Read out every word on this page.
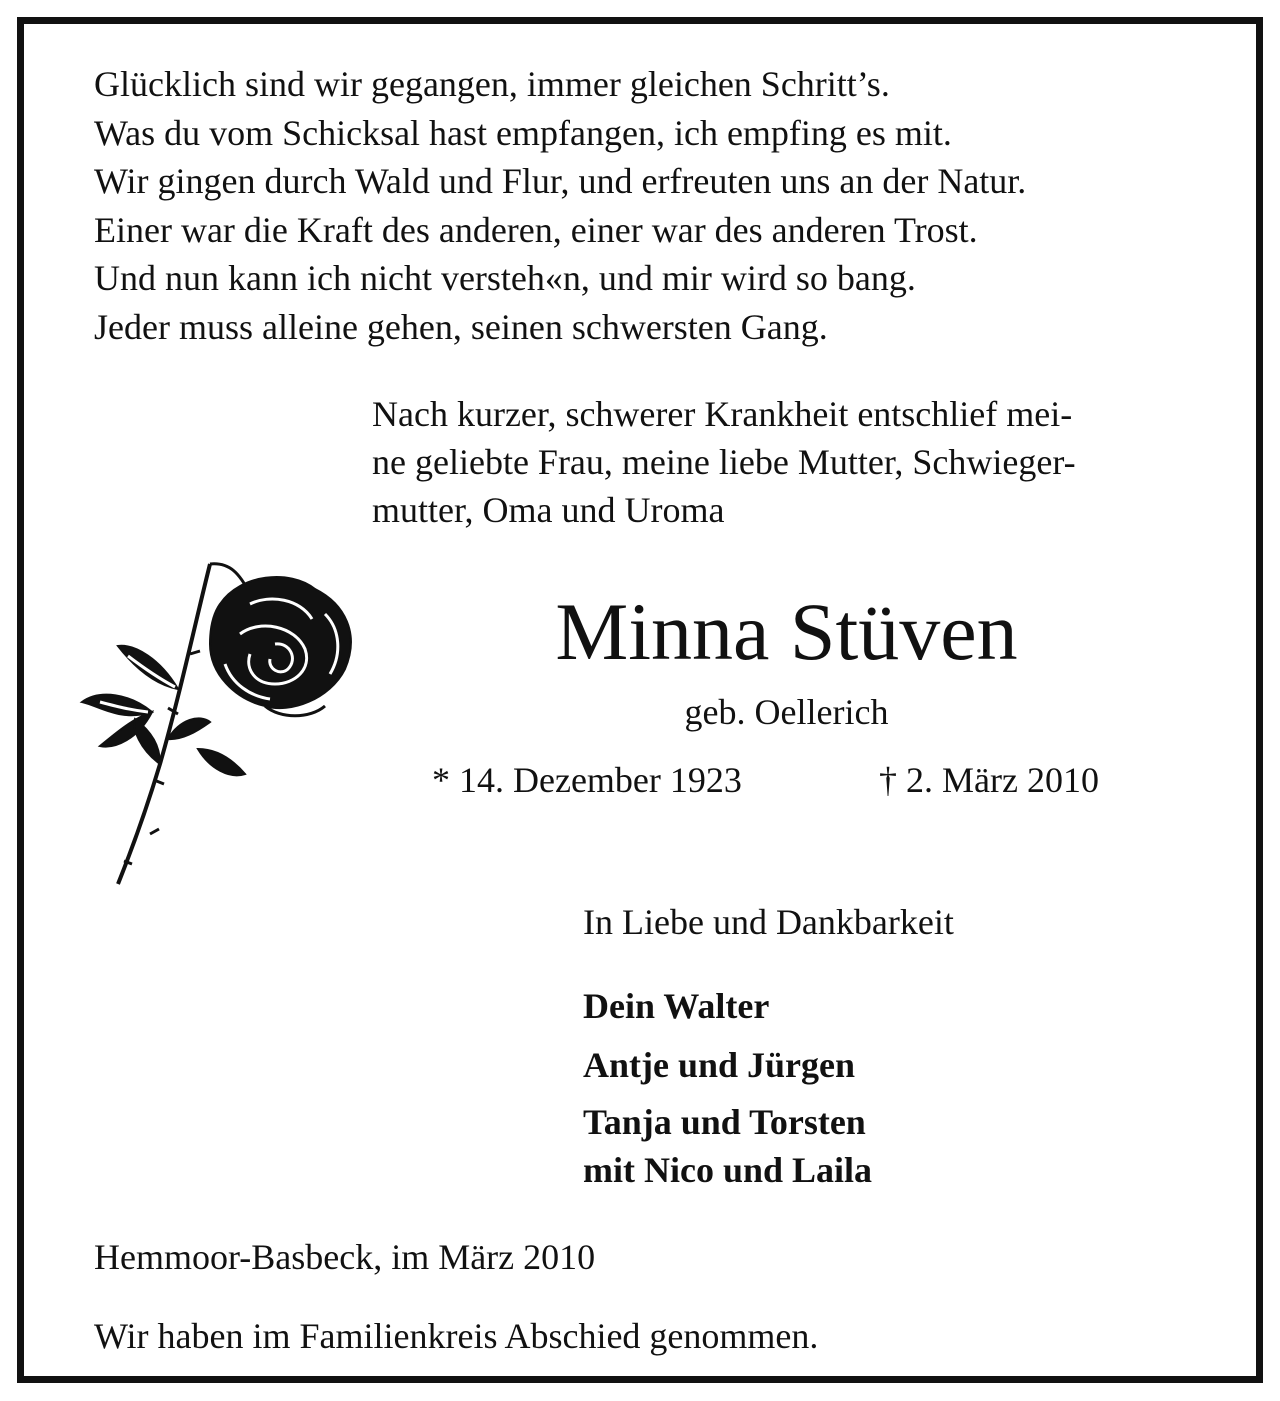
Glücklich sind wir gegangen, immer gleichen Schritt’s.
Was du vom Schicksal hast empfangen, ich empfing es mit.
Wir gingen durch Wald und Flur, und erfreuten uns an der Natur.
Einer war die Kraft des anderen, einer war des anderen Trost.
Und nun kann ich nicht versteh«n, und mir wird so bang.
Jeder muss alleine gehen, seinen schwersten Gang.
Nach kurzer, schwerer Krankheit entschlief mei-
ne geliebte Frau, meine liebe Mutter, Schwieger-
mutter, Oma und Uroma
Minna Stüven
geb. Oellerich
* 14. Dezember 1923	† 2. März 2010
In Liebe und Dankbarkeit
Dein Walter
Antje und Jürgen
Tanja und Torsten
mit Nico und Laila
Hemmoor-Basbeck, im März 2010
Wir haben im Familienkreis Abschied genommen.
